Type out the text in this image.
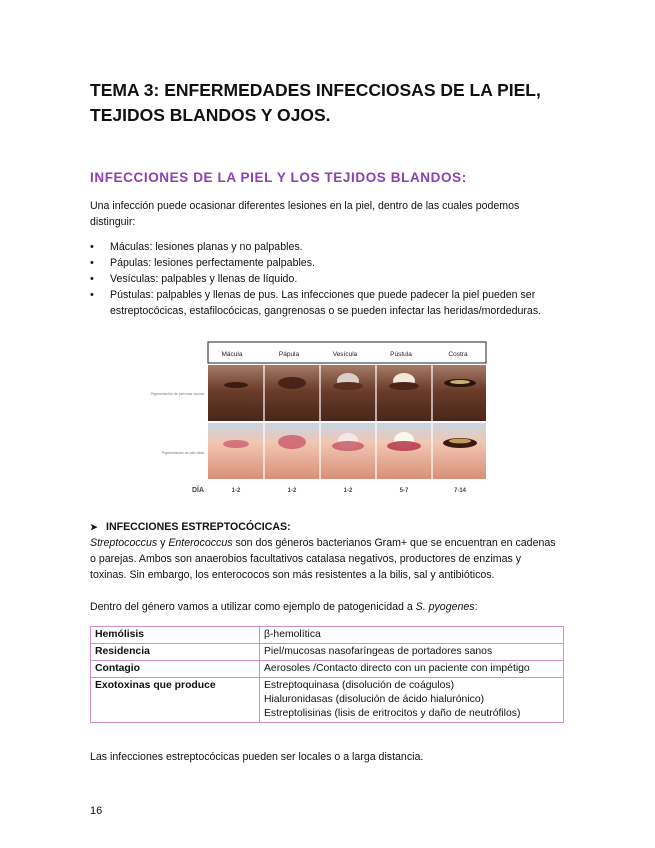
TEMA 3: ENFERMEDADES INFECCIOSAS DE LA PIEL,
TEJIDOS BLANDOS Y OJOS.
INFECCIONES DE LA PIEL Y LOS TEJIDOS BLANDOS:

Una infección puede ocasionar diferentes lesiones en la piel, dentro de las cuales podemos distinguir:

• Máculas: lesiones planas y no palpables.
• Pápulas: lesiones perfectamente palpables.
• Vesículas: palpables y llenas de líquido.
• Pústulas: palpables y llenas de pus. Las infecciones que puede padecer la piel pueden ser estreptocócicas, estafilocócicas, gangrenosas o se pueden infectar las heridas/mordeduras.
Mácula	Pápula	Vesícula	Pústula	Costra
Pigmentación de piel más oscura
Pigmentación de piel clara
DÍA	1-2	1-2	1-2	5-7	7-14
➤ INFECCIONES ESTREPTOCÓCICAS:

Streptococcus y Enterococcus son dos géneros bacterianos Gram+ que se encuentran en cadenas o parejas. Ambos son anaerobios facultativos catalasa negativos, productores de enzimas y toxinas. Sin embargo, los enterococos son más resistentes a la bilis, sal y antibióticos.

Dentro del género vamos a utilizar como ejemplo de patogenicidad a S. pyogenes:

Hemólisis	β-hemolítica
Residencia	Piel/mucosas nasofaríngeas de portadores sanos
Contagio	Aerosoles /Contacto directo con un paciente con impétigo
Exotoxinas que produce	Estreptoquinasa (disolución de coágulos)
Hialuronidasas (disolución de ácido hialurónico)
Estreptolisinas (lisis de eritrocitos y daño de neutrófilos)

Las infecciones estreptocócicas pueden ser locales o a larga distancia.

16
